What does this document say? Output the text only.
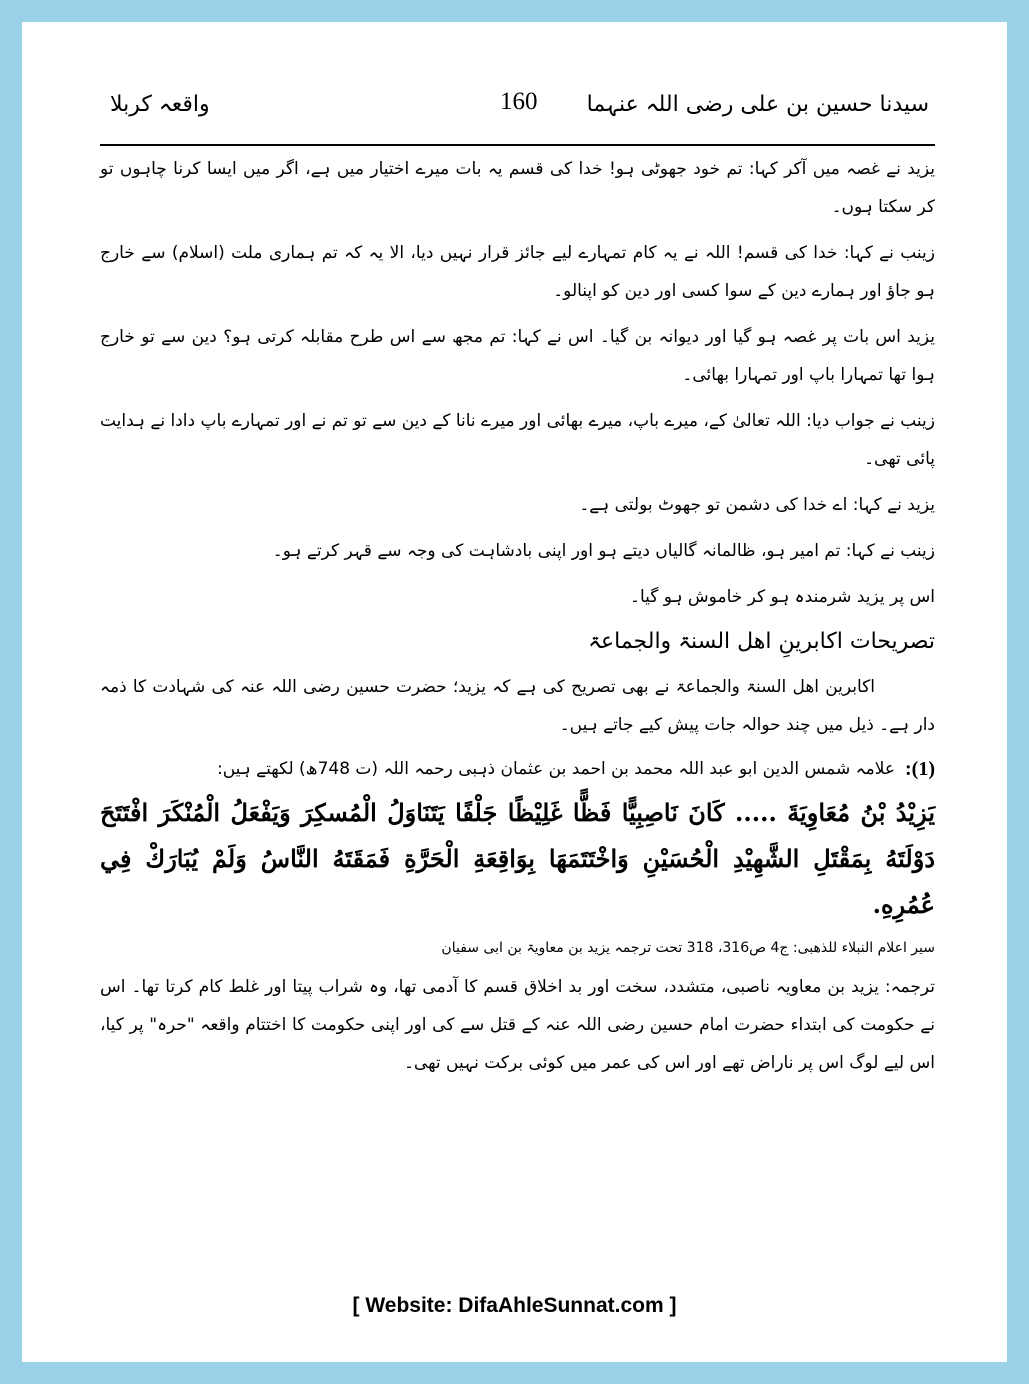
سیدنا حسین بن علی رضی اللہ عنہما
160
واقعہ کربلا

یزید نے غصہ میں آکر کہا: تم خود جھوٹی ہو! خدا کی قسم یہ بات میرے اختیار میں ہے، اگر میں ایسا کرنا چاہوں تو کر سکتا ہوں۔

زینب نے کہا: خدا کی قسم! اللہ نے یہ کام تمہارے لیے جائز قرار نہیں دیا، الا یہ کہ تم ہماری ملت (اسلام) سے خارج ہو جاؤ اور ہمارے دین کے سوا کسی اور دین کو اپنالو۔

یزید اس بات پر غصہ ہو گیا اور دیوانہ بن گیا۔ اس نے کہا: تم مجھ سے اس طرح مقابلہ کرتی ہو؟ دین سے تو خارج ہوا تھا تمہارا باپ اور تمہارا بھائی۔

زینب نے جواب دیا: اللہ تعالیٰ کے، میرے باپ، میرے بھائی اور میرے نانا کے دین سے تو تم نے اور تمہارے باپ دادا نے ہدایت پائی تھی۔

یزید نے کہا: اے خدا کی دشمن تو جھوٹ بولتی ہے۔

زینب نے کہا: تم امیر ہو، ظالمانہ گالیاں دیتے ہو اور اپنی بادشاہت کی وجہ سے قہر کرتے ہو۔

اس پر یزید شرمندہ ہو کر خاموش ہو گیا۔

تصریحات اکابرینِ اھل السنۃ والجماعۃ

اکابرین اھل السنۃ والجماعۃ نے بھی تصریح کی ہے کہ یزید؛ حضرت حسین رضی اللہ عنہ کی شہادت کا ذمہ دار ہے۔ ذیل میں چند حوالہ جات پیش کیے جاتے ہیں۔

(1):
علامہ شمس الدین ابو عبد اللہ محمد بن احمد بن عثمان ذہبی رحمہ اللہ (ت 748ھ) لکھتے ہیں:

يَزِيْدُ بْنُ مُعَاوِيَةَ ..... كَانَ نَاصِبِيًّا فَظًّا غَلِيْظًا جَلْفًا يَتَنَاوَلُ الْمُسكِرَ وَيَفْعَلُ الْمُنْكَرَ افْتَتَحَ دَوْلَتَهُ بِمَقْتَلِ الشَّهِيْدِ الْحُسَيْنِ وَاخْتَتَمَهَا بِوَاقِعَةِ الْحَرَّةِ فَمَقَتَهُ النَّاسُ وَلَمْ يُبَارَكْ فِي عُمُرِهِ.

سیر اعلام النبلاء للذھبی: ج4 ص316، 318 تحت ترجمہ یزید بن معاویۃ بن ابی سفیان

ترجمہ: یزید بن معاویہ ناصبی، متشدد، سخت اور بد اخلاق قسم کا آدمی تھا، وہ شراب پیتا اور غلط کام کرتا تھا۔ اس نے حکومت کی ابتداء حضرت امام حسین رضی اللہ عنہ کے قتل سے کی اور اپنی حکومت کا اختتام واقعہ "حرہ" پر کیا، اس لیے لوگ اس پر ناراض تھے اور اس کی عمر میں کوئی برکت نہیں تھی۔

[ Website: DifaAhleSunnat.com ]
